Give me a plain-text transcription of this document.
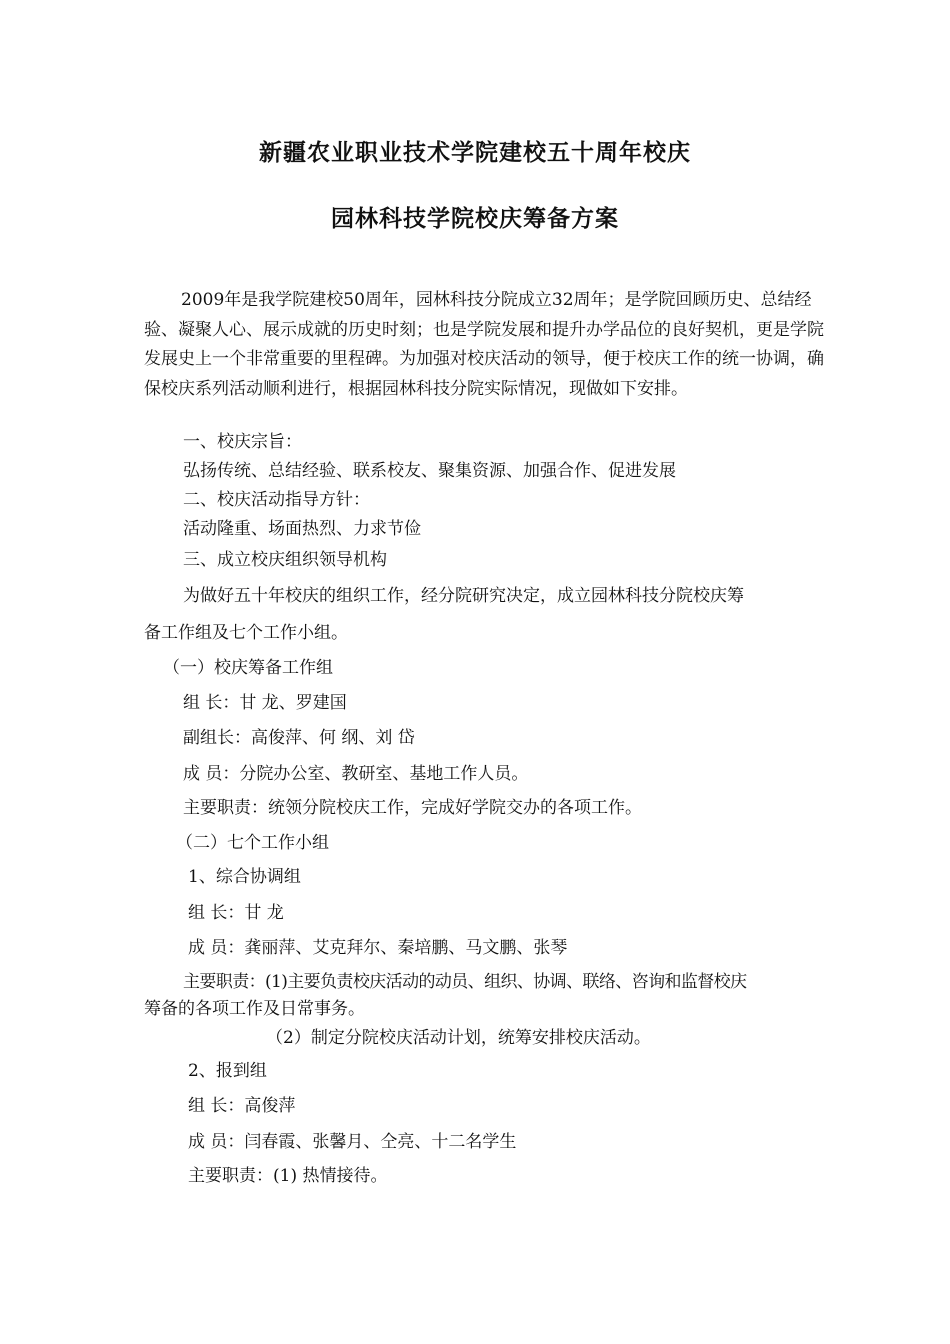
新疆农业职业技术学院建校五十周年校庆
园林科技学院校庆筹备方案
2009年是我学院建校50周年，园林科技分院成立32周年；是学院回顾历史、总结经验、凝聚人心、展示成就的历史时刻；也是学院发展和提升办学品位的良好契机，更是学院发展史上一个非常重要的里程碑。为加强对校庆活动的领导，便于校庆工作的统一协调，确保校庆系列活动顺利进行，根据园林科技分院实际情况，现做如下安排。
一、校庆宗旨：
弘扬传统、总结经验、联系校友、聚集资源、加强合作、促进发展
二、校庆活动指导方针：
活动隆重、场面热烈、力求节俭
三、成立校庆组织领导机构
为做好五十年校庆的组织工作，经分院研究决定，成立园林科技分院校庆筹
备工作组及七个工作小组。
（一）校庆筹备工作组
组 长：甘 龙、罗建国
副组长：高俊萍、何 纲、刘 岱
成 员：分院办公室、教研室、基地工作人员。
主要职责：统领分院校庆工作，完成好学院交办的各项工作。
（二）七个工作小组
1、综合协调组
组 长：甘 龙
成 员：龚丽萍、艾克拜尔、秦培鹏、马文鹏、张琴
主要职责：(1)主要负责校庆活动的动员、组织、协调、联络、咨询和监督校庆
筹备的各项工作及日常事务。
（2）制定分院校庆活动计划，统筹安排校庆活动。
2、报到组
组 长：高俊萍
成 员：闫春霞、张馨月、仝亮、十二名学生
主要职责：(1) 热情接待。
